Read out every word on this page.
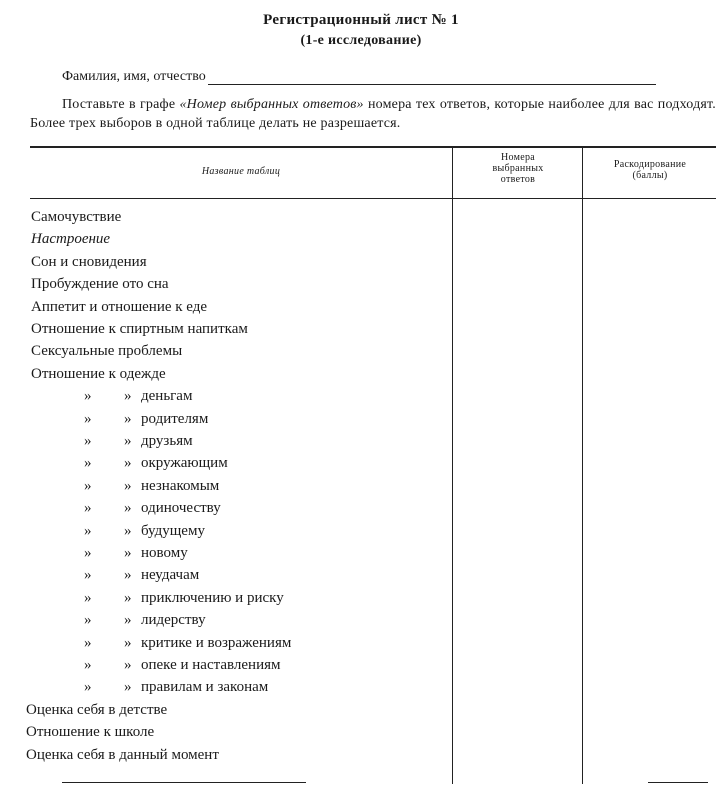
Регистрационный лист № 1
(1-е исследование)
Фамилия, имя, отчество
Поставьте в графе «Номер выбранных ответов» номера тех ответов, которые наиболее для вас подходят. Более трех выборов в одной таблице делать не разрешается.
Название таблиц
Номера выбранных ответов
Раскодирование (баллы)
Самочувствие
Настроение
Сон и сновидения
Пробуждение ото сна
Аппетит и отношение к еде
Отношение к спиртным напиткам
Сексуальные проблемы
Отношение к одежде
» » деньгам
» » родителям
» » друзьям
» » окружающим
» » незнакомым
» » одиночеству
» » будущему
» » новому
» » неудачам
» » приключению и риску
» » лидерству
» » критике и возражениям
» » опеке и наставлениям
» » правилам и законам
Оценка себя в детстве
Отношение к школе
Оценка себя в данный момент
